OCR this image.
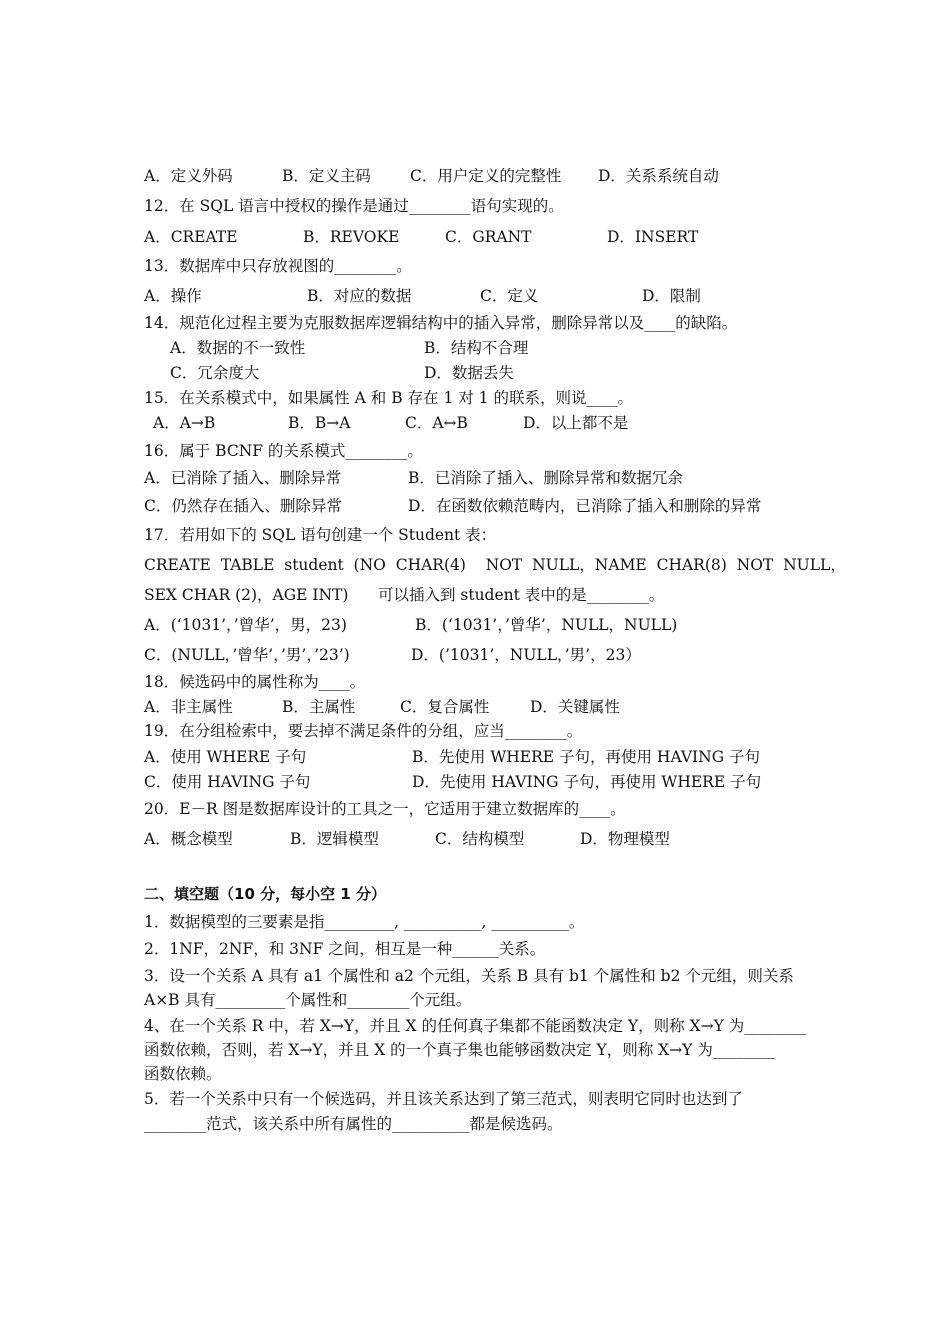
A．定义外码	B．定义主码	C．用户定义的完整性 D．关系系统自动
12．在 SQL 语言中授权的操作是通过________语句实现的。
A．CREATE	B．REVOKE	C．GRANT	D．INSERT
13．数据库中只存放视图的________。
A．操作	B．对应的数据	C．定义	D．限制
14．规范化过程主要为克服数据库逻辑结构中的插入异常，删除异常以及____的缺陷。
A．数据的不一致性	B．结构不合理
C．冗余度大	D．数据丢失
15．在关系模式中，如果属性 A 和 B 存在 1 对 1 的联系，则说____。
A．A→B	B．B→A	C．A↔B	D．以上都不是
16．属于 BCNF 的关系模式________。
A．已消除了插入、删除异常	B．已消除了插入、删除异常和数据冗余
C．仍然存在插入、删除异常	D．在函数依赖范畴内，已消除了插入和删除的异常
17．若用如下的 SQL 语句创建一个 Student 表：
CREATE  TABLE  student  (NO  CHAR(4)    NOT  NULL，NAME  CHAR(8)  NOT  NULL，
SEX CHAR (2)，AGE INT)      可以插入到 student 表中的是________。
A．(‘1031’，’曾华’，男，23)	B．(‘1031’，’曾华’，NULL，NULL)
C．(NULL，’曾华’，’男’，’23’)	D．(’1031’，NULL，’男’，23）
18．候选码中的属性称为____。
A．非主属性	B．主属性	C．复合属性	D．关键属性
19．在分组检索中，要去掉不满足条件的分组，应当________。
A．使用 WHERE 子句	B．先使用 WHERE 子句，再使用 HAVING 子句
C．使用 HAVING 子句	D．先使用 HAVING 子句，再使用 WHERE 子句
20．E－R 图是数据库设计的工具之一，它适用于建立数据库的____。
A．概念模型	B．逻辑模型	C．结构模型	D．物理模型
二、填空题（10 分，每小空 1 分）
1．数据模型的三要素是指_________, __________, __________。
2．1NF，2NF，和 3NF 之间，相互是一种______关系。
3．设一个关系 A 具有 a1 个属性和 a2 个元组，关系 B 具有 b1 个属性和 b2 个元组，则关系
A×B 具有_________个属性和________个元组。
4、在一个关系 R 中，若 X→Y，并且 X 的任何真子集都不能函数决定 Y，则称 X→Y 为________
函数依赖，否则，若 X→Y，并且 X 的一个真子集也能够函数决定 Y，则称 X→Y 为________
函数依赖。
5．若一个关系中只有一个候选码，并且该关系达到了第三范式，则表明它同时也达到了
________范式，该关系中所有属性的__________都是候选码。
